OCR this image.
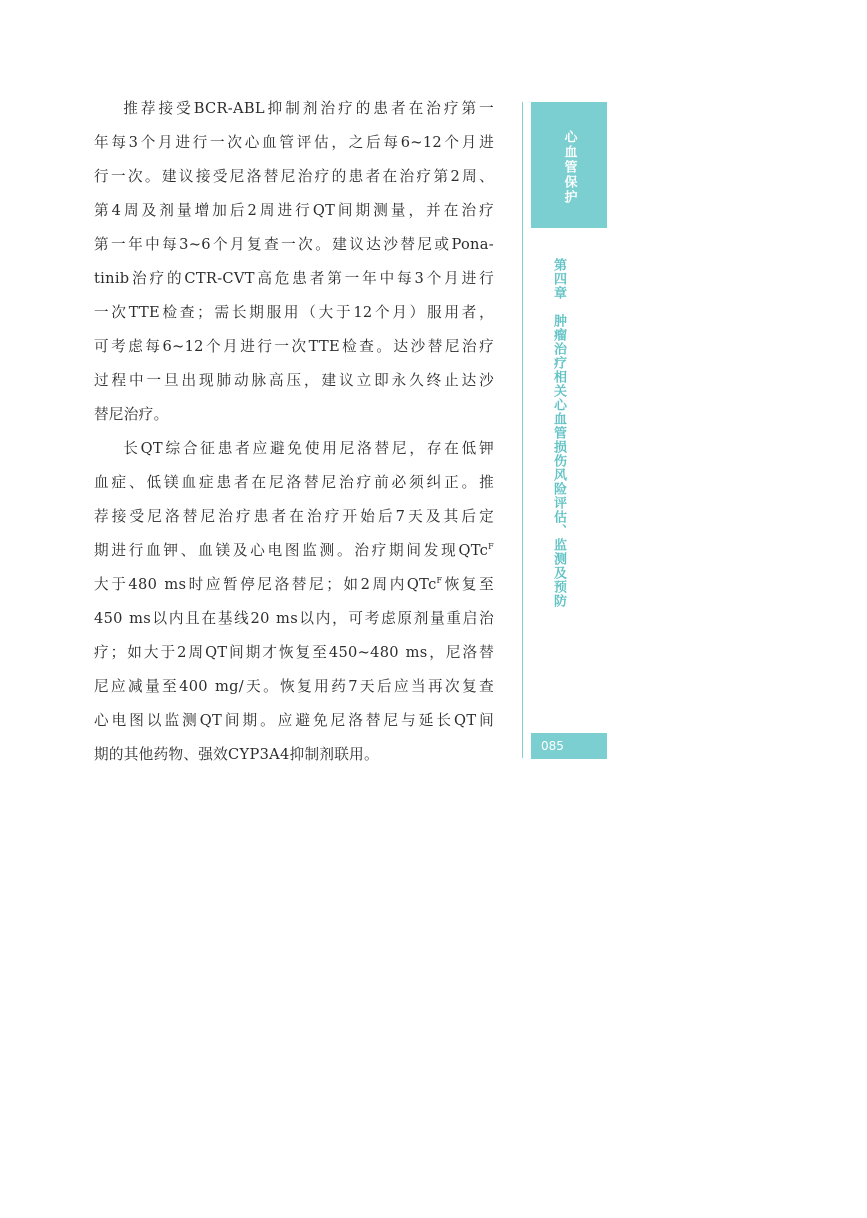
推荐接受BCR-ABL抑制剂治疗的患者在治疗第一
年每3个月进行一次心血管评估，之后每6~12个月进
行一次。建议接受尼洛替尼治疗的患者在治疗第2周、
第4周及剂量增加后2周进行QT间期测量，并在治疗
第一年中每3~6个月复查一次。建议达沙替尼或Pona-
tinib治疗的CTR-CVT高危患者第一年中每3个月进行
一次TTE检查；需长期服用（大于12个月）服用者，
可考虑每6~12个月进行一次TTE检查。达沙替尼治疗
过程中一旦出现肺动脉高压，建议立即永久终止达沙
替尼治疗。
长QT综合征患者应避免使用尼洛替尼，存在低钾
血症、低镁血症患者在尼洛替尼治疗前必须纠正。推
荐接受尼洛替尼治疗患者在治疗开始后7天及其后定
期进行血钾、血镁及心电图监测。治疗期间发现QTc$^F$
大于480 ms时应暂停尼洛替尼；如2周内QTc$^F$恢复至
450 ms以内且在基线20 ms以内，可考虑原剂量重启治
疗；如大于2周QT间期才恢复至450~480 ms，尼洛替
尼应减量至400 mg/天。恢复用药7天后应当再次复查
心电图以监测QT间期。应避免尼洛替尼与延长QT间
期的其他药物、强效CYP3A4抑制剂联用。
心血管保护
第四章　肿瘤治疗相关心血管损伤风险评估、监测及预防
085
